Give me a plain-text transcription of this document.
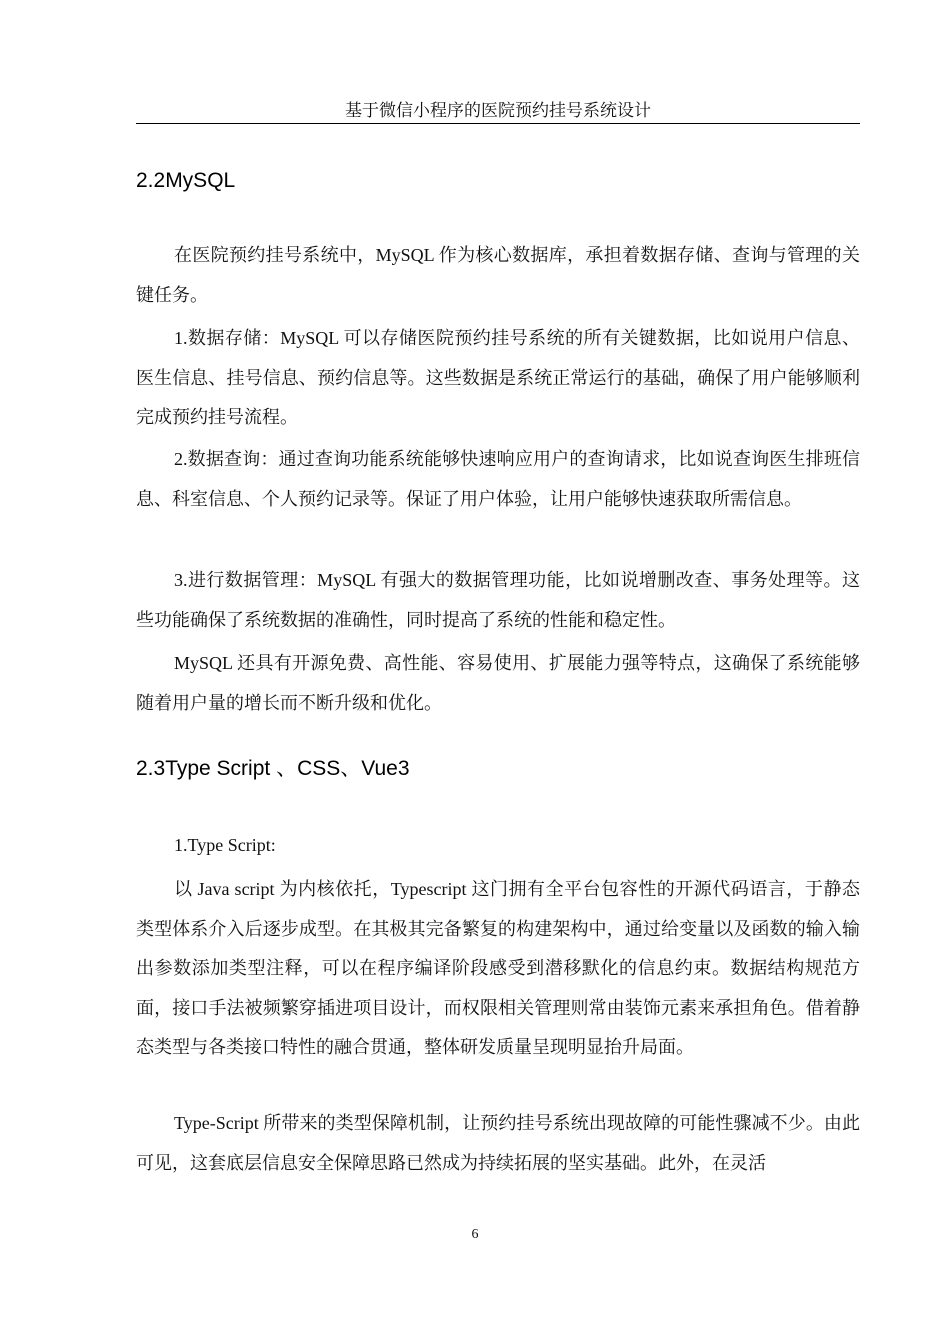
基于微信小程序的医院预约挂号系统设计
2.2MySQL

在医院预约挂号系统中，MySQL 作为核心数据库，承担着数据存储、查询与管理的关键任务。

1.数据存储：MySQL 可以存储医院预约挂号系统的所有关键数据，比如说用户信息、医生信息、挂号信息、预约信息等。这些数据是系统正常运行的基础，确保了用户能够顺利完成预约挂号流程。

2.数据查询：通过查询功能系统能够快速响应用户的查询请求，比如说查询医生排班信息、科室信息、个人预约记录等。保证了用户体验，让用户能够快速获取所需信息。

3.进行数据管理：MySQL 有强大的数据管理功能，比如说增删改查、事务处理等。这些功能确保了系统数据的准确性，同时提高了系统的性能和稳定性。

MySQL 还具有开源免费、高性能、容易使用、扩展能力强等特点，这确保了系统能够随着用户量的增长而不断升级和优化。

2.3Type Script 、CSS、Vue3

1.Type Script:

以 Java script 为内核依托，Typescript 这门拥有全平台包容性的开源代码语言，于静态类型体系介入后逐步成型。在其极其完备繁复的构建架构中，通过给变量以及函数的输入输出参数添加类型注释，可以在程序编译阶段感受到潜移默化的信息约束。数据结构规范方面，接口手法被频繁穿插进项目设计，而权限相关管理则常由装饰元素来承担角色。借着静态类型与各类接口特性的融合贯通，整体研发质量呈现明显抬升局面。

Type-Script 所带来的类型保障机制，让预约挂号系统出现故障的可能性骤减不少。由此可见，这套底层信息安全保障思路已然成为持续拓展的坚实基础。此外，在灵活

6
